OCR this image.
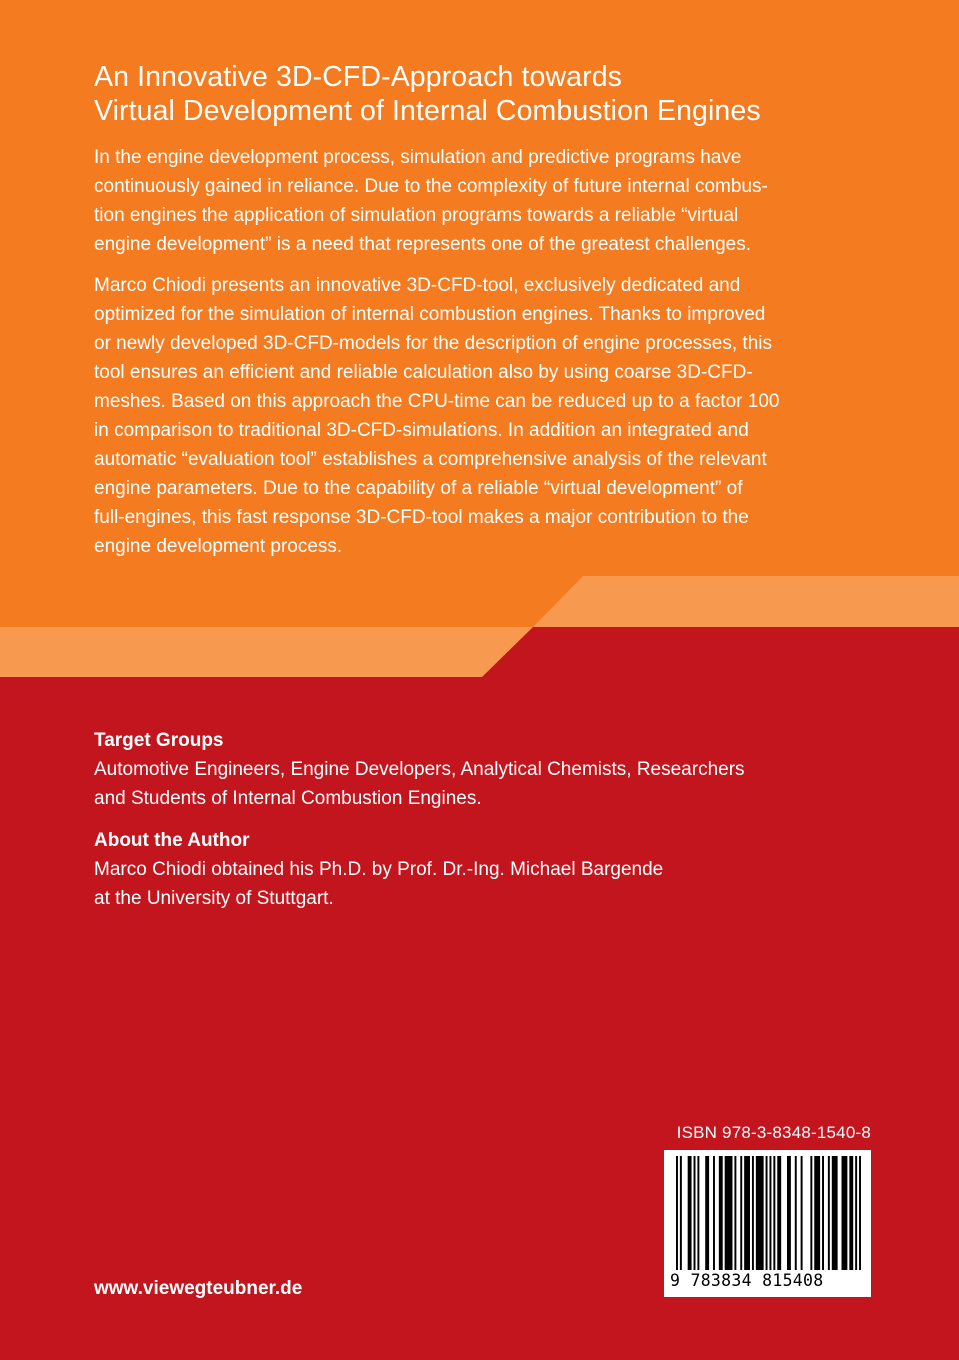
An Innovative 3D-CFD-Approach towards
Virtual Development of Internal Combustion Engines

In the engine development process, simulation and predictive programs have
continuously gained in reliance. Due to the complexity of future internal combus-
tion engines the application of simulation programs towards a reliable “virtual
engine development” is a need that represents one of the greatest challenges.

Marco Chiodi presents an innovative 3D-CFD-tool, exclusively dedicated and
optimized for the simulation of internal combustion engines. Thanks to improved
or newly developed 3D-CFD-models for the description of engine processes, this
tool ensures an efficient and reliable calculation also by using coarse 3D-CFD-
meshes. Based on this approach the CPU-time can be reduced up to a factor 100
in comparison to traditional 3D-CFD-simulations. In addition an integrated and
automatic “evaluation tool” establishes a comprehensive analysis of the relevant
engine parameters. Due to the capability of a reliable “virtual development” of
full-engines, this fast response 3D-CFD-tool makes a major contribution to the
engine development process.

Target Groups

Automotive Engineers, Engine Developers, Analytical Chemists, Researchers
and Students of Internal Combustion Engines.

About the Author

Marco Chiodi obtained his Ph.D. by Prof. Dr.-Ing. Michael Bargende
at the University of Stuttgart.

ISBN 978-3-8348-1540-8
9 783834 815408
www.viewegteubner.de
